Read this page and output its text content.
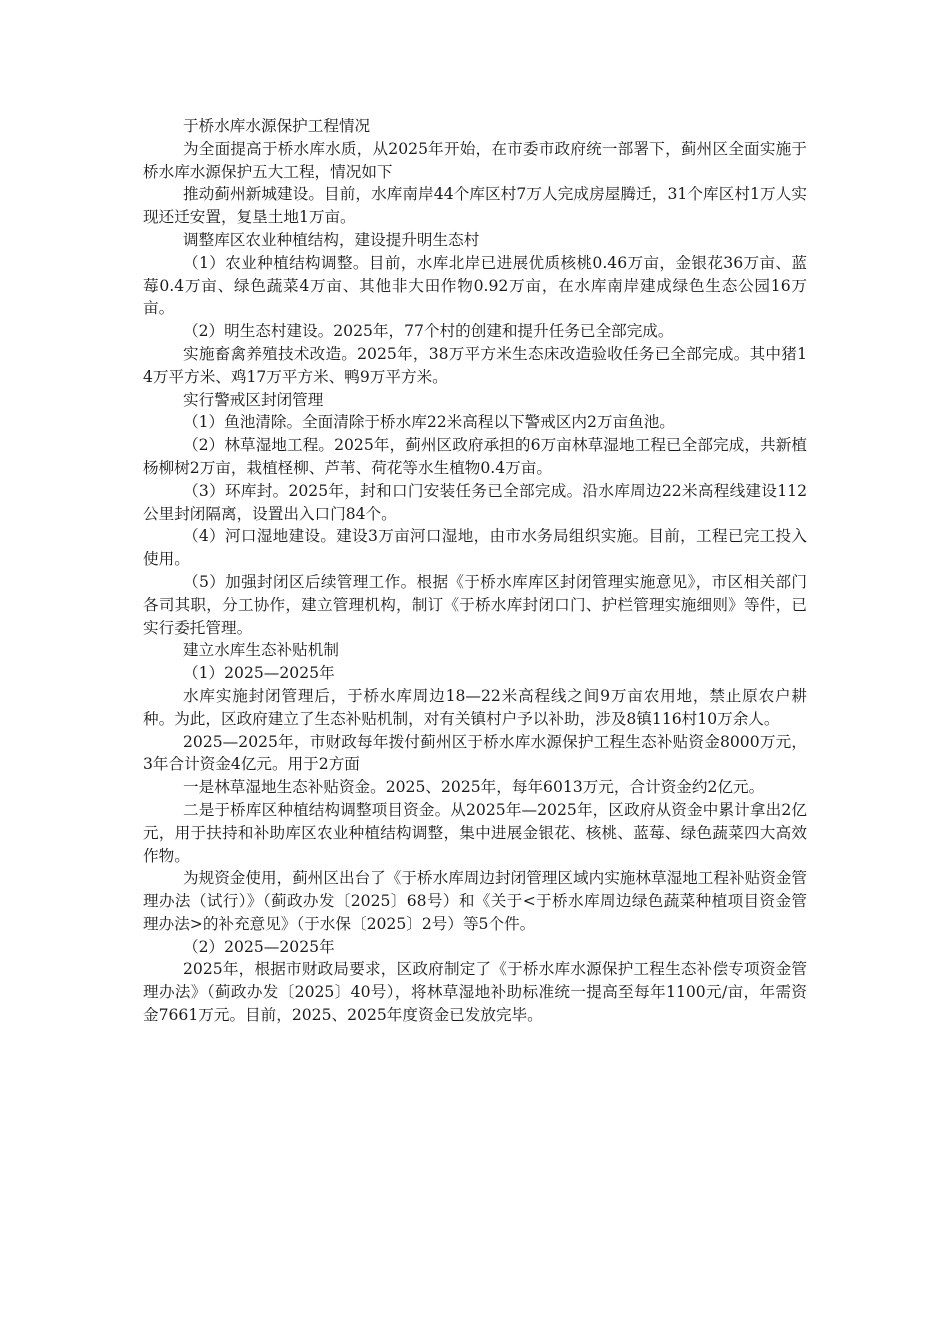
于桥水库水源保护工程情况

为全面提高于桥水库水质，从2025年开始，在市委市政府统一部署下，蓟州区全面实施于桥水库水源保护五大工程，情况如下

推动蓟州新城建设。目前，水库南岸44个库区村7万人完成房屋腾迁，31个库区村1万人实现还迁安置，复垦土地1万亩。

调整库区农业种植结构，建设提升明生态村

（1）农业种植结构调整。目前，水库北岸已进展优质核桃0.46万亩，金银花36万亩、蓝莓0.4万亩、绿色蔬菜4万亩、其他非大田作物0.92万亩，在水库南岸建成绿色生态公园16万亩。

（2）明生态村建设。2025年，77个村的创建和提升任务已全部完成。

实施畜禽养殖技术改造。2025年，38万平方米生态床改造验收任务已全部完成。其中猪14万平方米、鸡17万平方米、鸭9万平方米。

实行警戒区封闭管理

（1）鱼池清除。全面清除于桥水库22米高程以下警戒区内2万亩鱼池。

（2）林草湿地工程。2025年，蓟州区政府承担的6万亩林草湿地工程已全部完成，共新植杨柳树2万亩，栽植柽柳、芦苇、荷花等水生植物0.4万亩。

（3）环库封。2025年，封和口门安装任务已全部完成。沿水库周边22米高程线建设112公里封闭隔离，设置出入口门84个。

（4）河口湿地建设。建设3万亩河口湿地，由市水务局组织实施。目前，工程已完工投入使用。

（5）加强封闭区后续管理工作。根据《于桥水库库区封闭管理实施意见》，市区相关部门各司其职，分工协作，建立管理机构，制订《于桥水库封闭口门、护栏管理实施细则》等件，已实行委托管理。

建立水库生态补贴机制

（1）2025—2025年

水库实施封闭管理后，于桥水库周边18—22米高程线之间9万亩农用地，禁止原农户耕种。为此，区政府建立了生态补贴机制，对有关镇村户予以补助，涉及8镇116村10万余人。

2025—2025年，市财政每年拨付蓟州区于桥水库水源保护工程生态补贴资金8000万元，3年合计资金4亿元。用于2方面

一是林草湿地生态补贴资金。2025、2025年，每年6013万元，合计资金约2亿元。

二是于桥库区种植结构调整项目资金。从2025年—2025年，区政府从资金中累计拿出2亿元，用于扶持和补助库区农业种植结构调整，集中进展金银花、核桃、蓝莓、绿色蔬菜四大高效作物。

为规资金使用，蓟州区出台了《于桥水库周边封闭管理区域内实施林草湿地工程补贴资金管理办法（试行）》（蓟政办发〔2025〕68号）和《关于<于桥水库周边绿色蔬菜种植项目资金管理办法>的补充意见》（于水保〔2025〕2号）等5个件。

（2）2025—2025年

2025年，根据市财政局要求，区政府制定了《于桥水库水源保护工程生态补偿专项资金管理办法》（蓟政办发〔2025〕40号），将林草湿地补助标准统一提高至每年1100元/亩，年需资金7661万元。目前，2025、2025年度资金已发放完毕。
